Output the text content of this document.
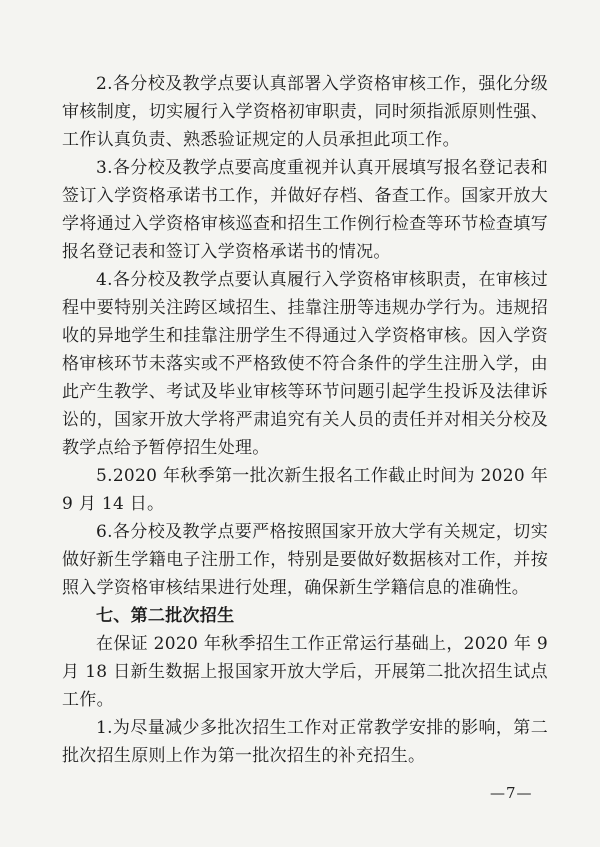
2.各分校及教学点要认真部署入学资格审核工作，强化分级审核制度，切实履行入学资格初审职责，同时须指派原则性强、工作认真负责、熟悉验证规定的人员承担此项工作。

3.各分校及教学点要高度重视并认真开展填写报名登记表和签订入学资格承诺书工作，并做好存档、备查工作。国家开放大学将通过入学资格审核巡查和招生工作例行检查等环节检查填写报名登记表和签订入学资格承诺书的情况。

4.各分校及教学点要认真履行入学资格审核职责，在审核过程中要特别关注跨区域招生、挂靠注册等违规办学行为。违规招收的异地学生和挂靠注册学生不得通过入学资格审核。因入学资格审核环节未落实或不严格致使不符合条件的学生注册入学，由此产生教学、考试及毕业审核等环节问题引起学生投诉及法律诉讼的，国家开放大学将严肃追究有关人员的责任并对相关分校及教学点给予暂停招生处理。

5.2020 年秋季第一批次新生报名工作截止时间为 2020 年 9 月 14 日。

6.各分校及教学点要严格按照国家开放大学有关规定，切实做好新生学籍电子注册工作，特别是要做好数据核对工作，并按照入学资格审核结果进行处理，确保新生学籍信息的准确性。

七、第二批次招生

在保证 2020 年秋季招生工作正常运行基础上，2020 年 9 月 18 日新生数据上报国家开放大学后，开展第二批次招生试点工作。

1.为尽量减少多批次招生工作对正常教学安排的影响，第二批次招生原则上作为第一批次招生的补充招生。

—7—
